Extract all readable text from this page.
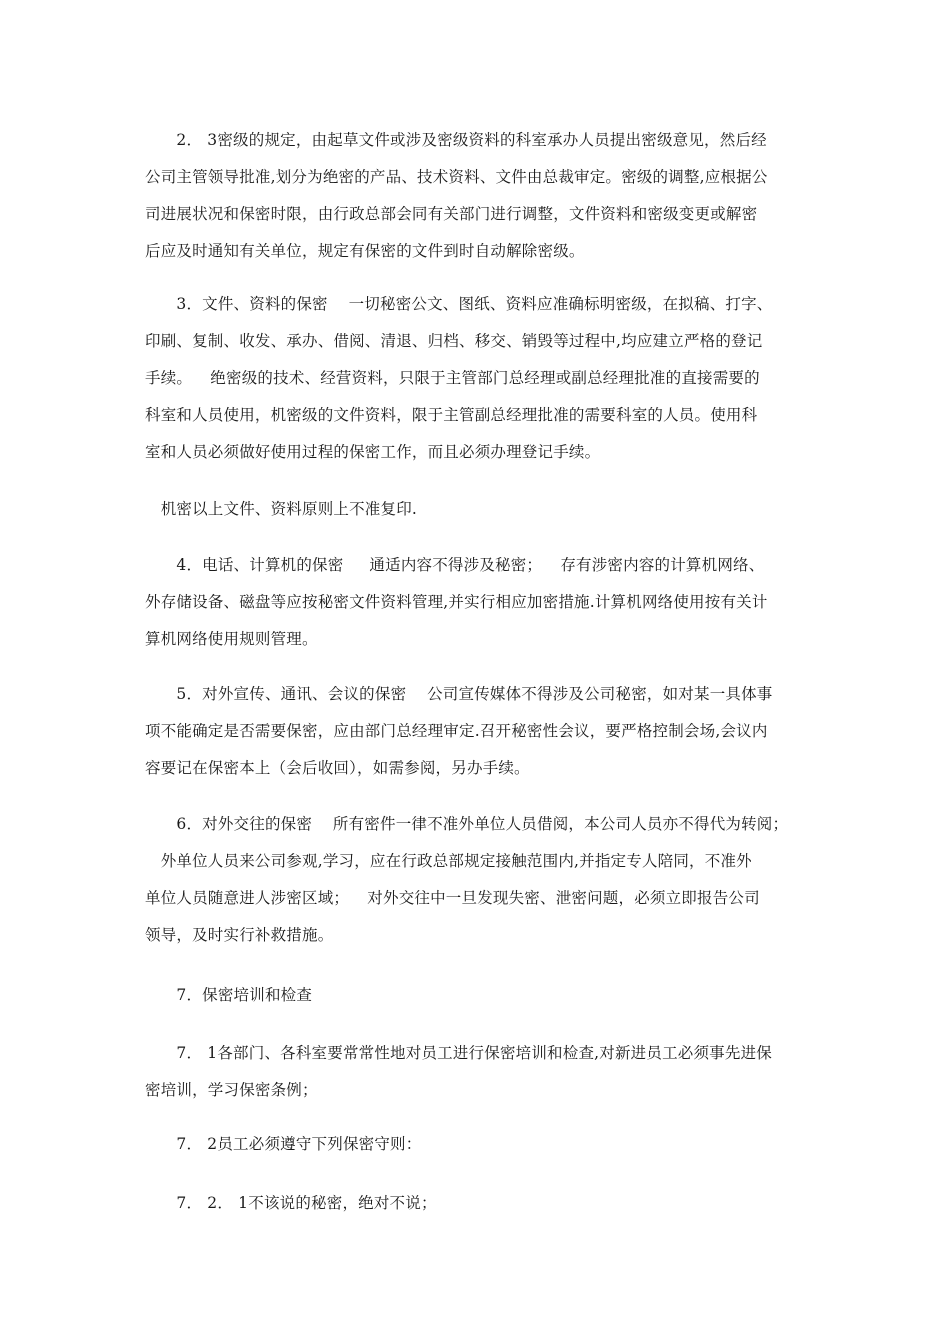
　　2． 3密级的规定，由起草文件或涉及密级资料的科室承办人员提出密级意见，然后经
公司主管领导批准,划分为绝密的产品、技术资料、文件由总裁审定。密级的调整,应根据公
司进展状况和保密时限，由行政总部会同有关部门进行调整，文件资料和密级变更或解密
后应及时通知有关单位，规定有保密的文件到时自动解除密级。
　　3．文件、资料的保密　 一切秘密公文、图纸、资料应准确标明密级，在拟稿、打字、
印刷、复制、收发、承办、借阅、清退、归档、移交、销毁等过程中,均应建立严格的登记
手续。　  绝密级的技术、经营资料，只限于主管部门总经理或副总经理批准的直接需要的
科室和人员使用，机密级的文件资料，限于主管副总经理批准的需要科室的人员。使用科
室和人员必须做好使用过程的保密工作，而且必须办理登记手续。
　机密以上文件、资料原则上不准复印.
　　4．电话、计算机的保密　  通适内容不得涉及秘密；　  存有涉密内容的计算机网络、
外存储设备、磁盘等应按秘密文件资料管理,并实行相应加密措施.计算机网络使用按有关计
算机网络使用规则管理。
　　5．对外宣传、通讯、会议的保密　 公司宣传媒体不得涉及公司秘密，如对某一具体事
项不能确定是否需要保密，应由部门总经理审定.召开秘密性会议，要严格控制会场,会议内
容要记在保密本上（会后收回），如需参阅，另办手续。
　　6．对外交往的保密　 所有密件一律不准外单位人员借阅，本公司人员亦不得代为转阅；
　外单位人员来公司参观,学习，应在行政总部规定接触范围内,并指定专人陪同，不准外
单位人员随意进人涉密区域；　  对外交往中一旦发现失密、泄密问题，必须立即报告公司
领导，及时实行补救措施。
　　7．保密培训和检查
　　7． 1各部门、各科室要常常性地对员工进行保密培训和检查,对新进员工必须事先进保
密培训，学习保密条例；
　　7． 2员工必须遵守下列保密守则：
　　7． 2． 1不该说的秘密，绝对不说；
